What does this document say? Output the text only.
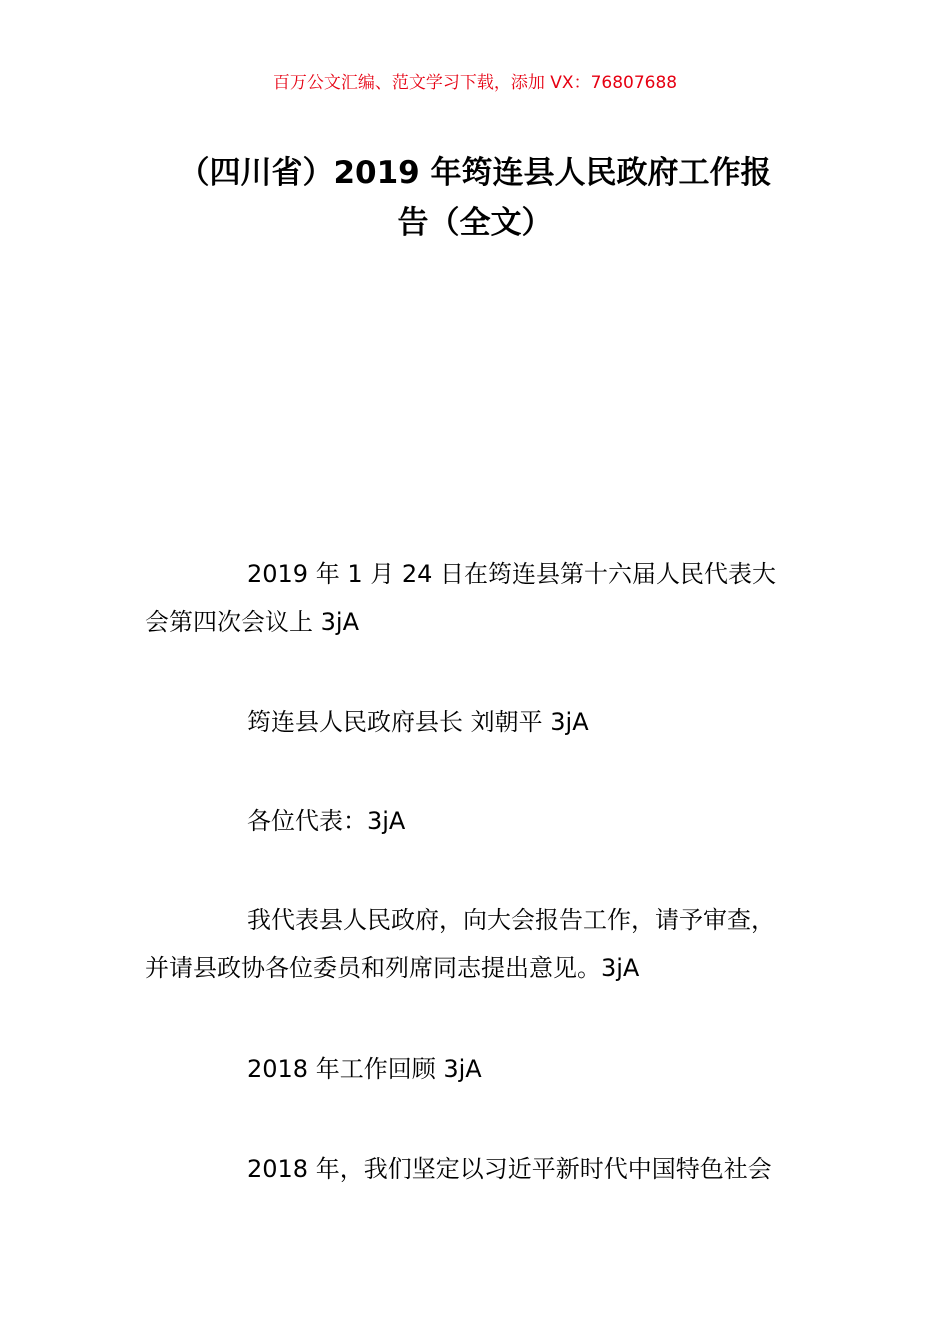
百万公文汇编、范文学习下载，添加 VX：76807688
（四川省）2019 年筠连县人民政府工作报
告（全文）
2019 年 1 月 24 日在筠连县第十六届人民代表大
会第四次会议上 3jA
筠连县人民政府县长 刘朝平 3jA
各位代表：3jA
我代表县人民政府，向大会报告工作，请予审查，
并请县政协各位委员和列席同志提出意见。3jA
2018 年工作回顾 3jA
2018 年，我们坚定以习近平新时代中国特色社会
